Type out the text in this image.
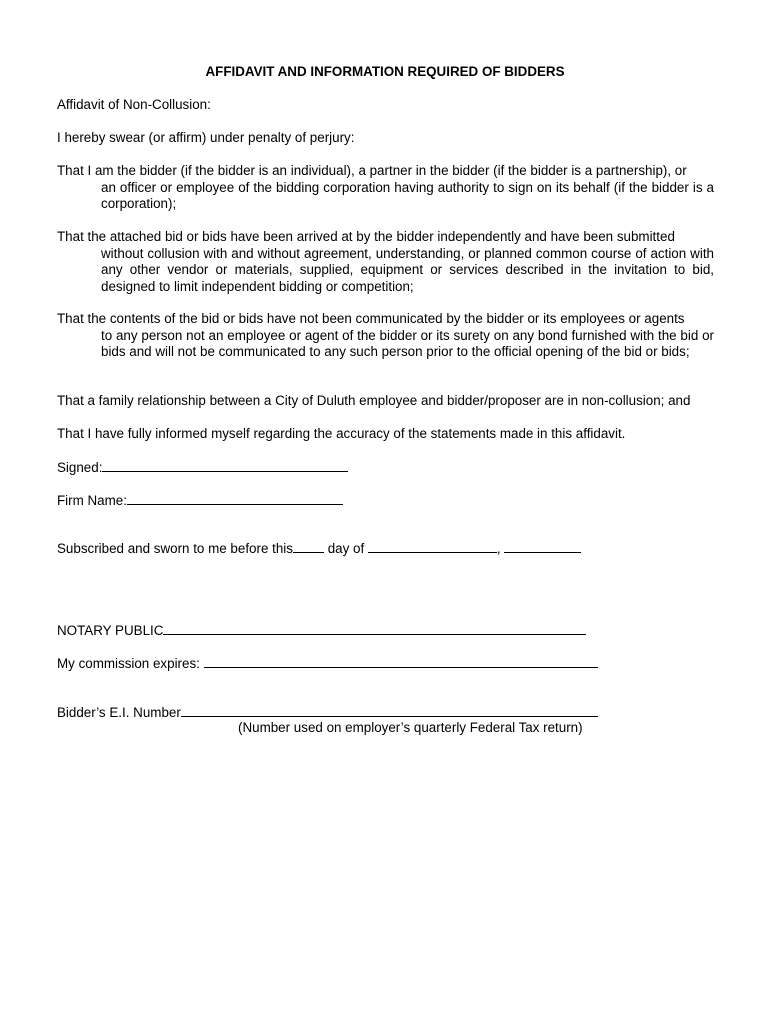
AFFIDAVIT AND INFORMATION REQUIRED OF BIDDERS
Affidavit of Non-Collusion:
I hereby swear (or affirm) under penalty of perjury:
That I am the bidder (if the bidder is an individual), a partner in the bidder (if the bidder is a partnership), or
an officer or employee of the bidding corporation having authority to sign on its behalf (if the bidder is a corporation);
That the attached bid or bids have been arrived at by the bidder independently and have been submitted
without collusion with and without agreement, understanding, or planned common course of action with any other vendor or materials, supplied, equipment or services described in the invitation to bid, designed to limit independent bidding or competition;
That the contents of the bid or bids have not been communicated by the bidder or its employees or agents
to any person not an employee or agent of the bidder or its surety on any bond furnished with the bid or bids and will not be communicated to any such person prior to the official opening of the bid or bids;
That a family relationship between a City of Duluth employee and bidder/proposer are in non-collusion; and
That I have fully informed myself regarding the accuracy of the statements made in this affidavit.
Signed:
Firm Name:
Subscribed and sworn to me before this	day of	,
NOTARY PUBLIC
My commission expires:
Bidder’s E.I. Number
(Number used on employer’s quarterly Federal Tax return)
